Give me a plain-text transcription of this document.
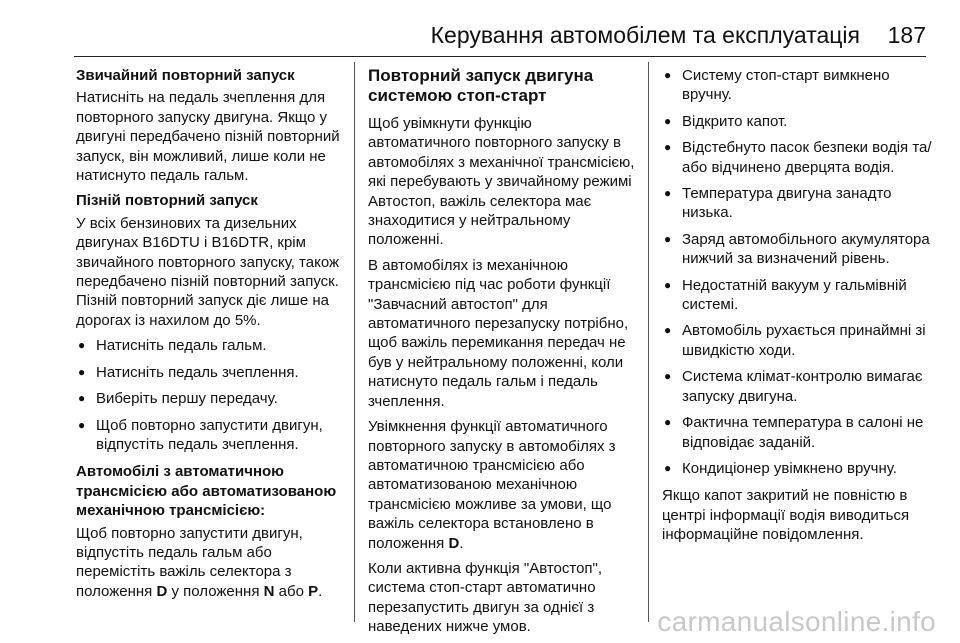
Керування автомобілем та експлуатація 187
Звичайний повторний запуск

Натисніть на педаль зчеплення для повторного запуску двигуна. Якщо у двигуні передбачено пізній повторний запуск, він можливий, лише коли не натиснуто педаль гальм.

Пізній повторний запуск

У всіх бензинових та дизельних двигунах B16DTU і B16DTR, крім звичайного повторного запуску, також передбачено пізній повторний запуск. Пізній повторний запуск діє лише на дорогах із нахилом до 5%.

● Натисніть педаль гальм.
● Натисніть педаль зчеплення.
● Виберіть першу передачу.
● Щоб повторно запустити двигун, відпустіть педаль зчеплення.
Автомобілі з автоматичною трансмісією або автоматизованою механічною трансмісією:

Щоб повторно запустити двигун, відпустіть педаль гальм або перемістіть важіль селектора з положення D у положення N або P.

Повторний запуск двигуна системою стоп-старт

Щоб увімкнути функцію автоматичного повторного запуску в автомобілях з механічної трансмісією, які перебувають у звичайному режимі Автостоп, важіль селектора має знаходитися у нейтральному положенні.

В автомобілях із механічною трансмісією під час роботи функції "Завчасний автостоп" для автоматичного перезапуску потрібно, щоб важіль перемикання передач не був у нейтральному положенні, коли натиснуто педаль гальм і педаль зчеплення.

Увімкнення функції автоматичного повторного запуску в автомобілях з автоматичною трансмісією або автоматизованою механічною трансмісією можливе за умови, що важіль селектора встановлено в положення D.

Коли активна функція "Автостоп", система стоп-старт автоматично перезапустить двигун за однієї з наведених нижче умов.

● Систему стоп-старт вимкнено вручну.
● Відкрито капот.
● Відстебнуто пасок безпеки водія та/або відчинено дверцята водія.
● Температура двигуна занадто низька.
● Заряд автомобільного акумулятора нижчий за визначений рівень.
● Недостатній вакуум у гальмівній системі.
● Автомобіль рухається принаймні зі швидкістю ходи.
● Система клімат-контролю вимагає запуску двигуна.
● Фактична температура в салоні не відповідає заданій.
● Кондиціонер увімкнено вручну.

Якщо капот закритий не повністю в центрі інформації водія виводиться інформаційне повідомлення.

carmanualsonline.info
